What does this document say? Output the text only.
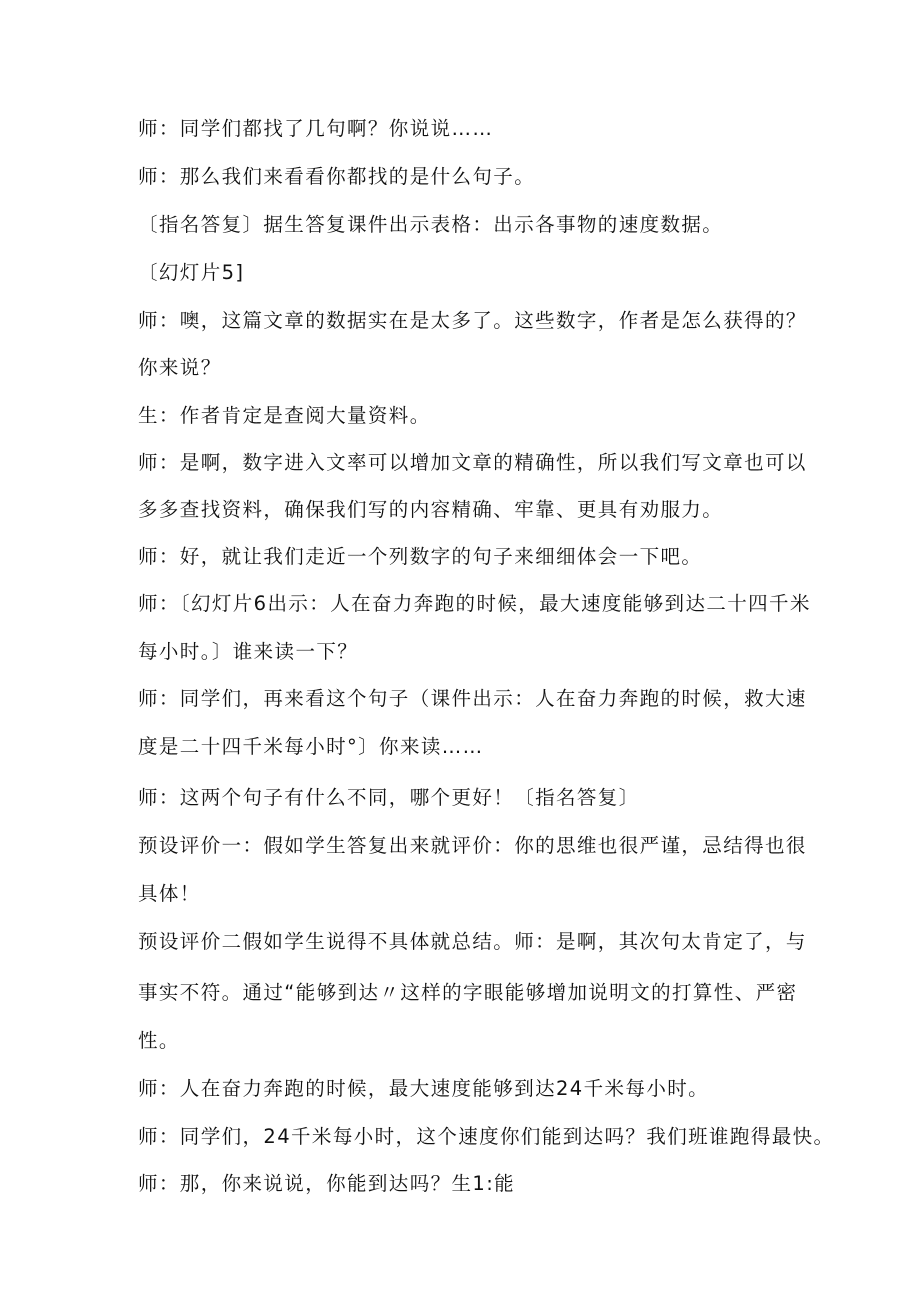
师：同学们都找了几句啊？你说说……

师：那么我们来看看你都找的是什么句子。

〔指名答复〕据生答复课件出示表格：出示各事物的速度数据。

〔幻灯片5]

师：噢，这篇文章的数据实在是太多了。这些数字，作者是怎么获得的？

你来说？

生：作者肯定是查阅大量资料。

师：是啊，数字进入文率可以增加文章的精确性，所以我们写文章也可以

多多查找资料，确保我们写的内容精确、牢靠、更具有劝服力。

师：好，就让我们走近一个列数字的句子来细细体会一下吧。

师：〔幻灯片6出示：人在奋力奔跑的时候，最大速度能够到达二十四千米

每小时。〕谁来读一下？

师：同学们，再来看这个句子（课件出示：人在奋力奔跑的时候，救大速

度是二十四千米每小时°〕你来读……

师：这两个句子有什么不同，哪个更好！〔指名答复〕

预设评价一：假如学生答复出来就评价：你的思维也很严谨，忌结得也很

具体！

预设评价二假如学生说得不具体就总结。师：是啊，其次句太肯定了，与

事实不符。通过“能够到达〃这样的字眼能够增加说明文的打算性、严密

性。

师：人在奋力奔跑的时候，最大速度能够到达24千米每小时。

师：同学们，24千米每小时，这个速度你们能到达吗？我们班谁跑得最快。

师：那，你来说说，你能到达吗？生1:能
